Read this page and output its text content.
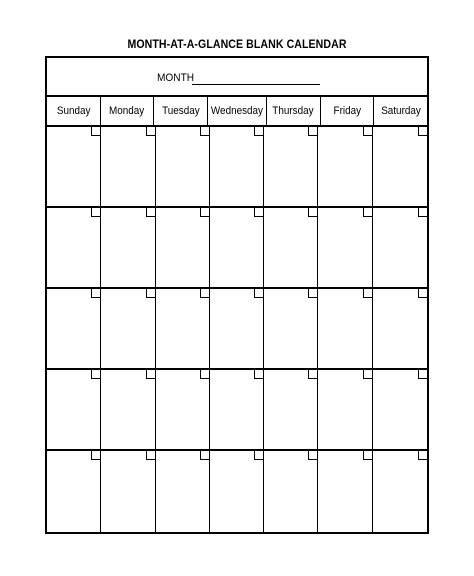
MONTH-AT-A-GLANCE BLANK CALENDAR
MONTH
Sunday Monday Tuesday Wednesday Thursday Friday Saturday
